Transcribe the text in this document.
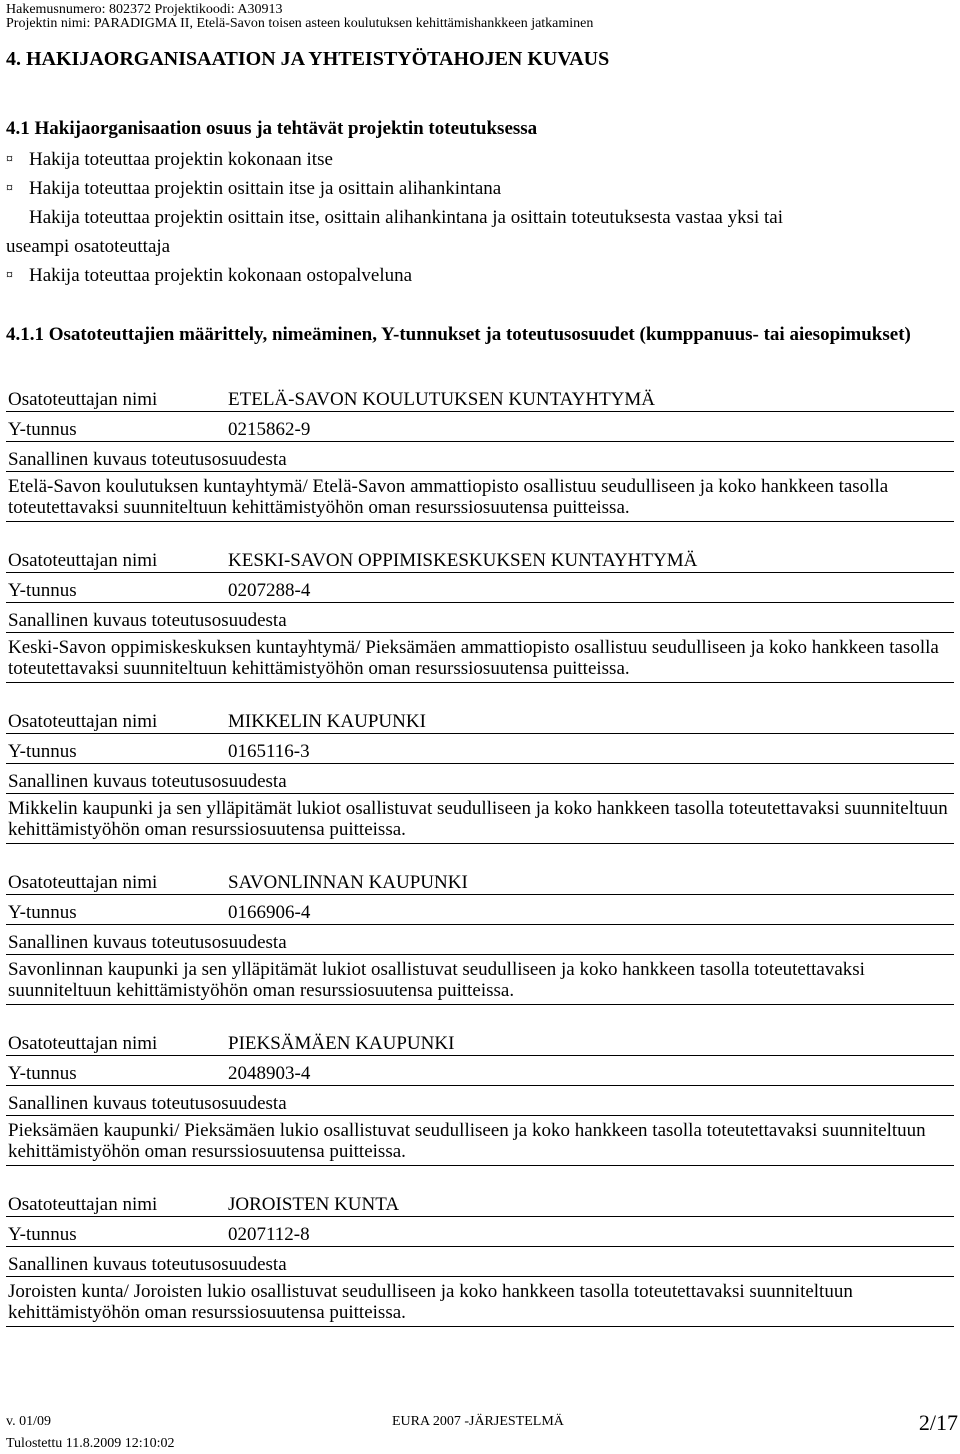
Hakemusnumero: 802372 Projektikoodi: A30913
Projektin nimi: PARADIGMA II, Etelä-Savon toisen asteen koulutuksen kehittämishankkeen jatkaminen
4. HAKIJAORGANISAATION JA YHTEISTYÖTAHOJEN KUVAUS
4.1 Hakijaorganisaation osuus ja tehtävät projektin toteutuksessa
¤ Hakija toteuttaa projektin kokonaan itse
¤ Hakija toteuttaa projektin osittain itse ja osittain alihankintana
Hakija toteuttaa projektin osittain itse, osittain alihankintana ja osittain toteutuksesta vastaa yksi tai
useampi osatoteuttaja
¤ Hakija toteuttaa projektin kokonaan ostopalveluna
4.1.1 Osatoteuttajien määrittely, nimeäminen, Y-tunnukset ja toteutusosuudet (kumppanuus- tai aiesopimukset)
Osatoteuttajan nimi	ETELÄ-SAVON KOULUTUKSEN KUNTAYHTYMÄ
Y-tunnus	0215862-9
Sanallinen kuvaus toteutusosuudesta
Etelä-Savon koulutuksen kuntayhtymä/ Etelä-Savon ammattiopisto osallistuu seudulliseen ja koko hankkeen tasolla toteutettavaksi suunniteltuun kehittämistyöhön oman resurssiosuutensa puitteissa.
Osatoteuttajan nimi	KESKI-SAVON OPPIMISKESKUKSEN KUNTAYHTYMÄ
Y-tunnus	0207288-4
Sanallinen kuvaus toteutusosuudesta
Keski-Savon oppimiskeskuksen kuntayhtymä/ Pieksämäen ammattiopisto osallistuu seudulliseen ja koko hankkeen tasolla toteutettavaksi suunniteltuun kehittämistyöhön oman resurssiosuutensa puitteissa.
Osatoteuttajan nimi	MIKKELIN KAUPUNKI
Y-tunnus	0165116-3
Sanallinen kuvaus toteutusosuudesta
Mikkelin kaupunki ja sen ylläpitämät lukiot osallistuvat seudulliseen ja koko hankkeen tasolla toteutettavaksi suunniteltuun kehittämistyöhön oman resurssiosuutensa puitteissa.
Osatoteuttajan nimi	SAVONLINNAN KAUPUNKI
Y-tunnus	0166906-4
Sanallinen kuvaus toteutusosuudesta
Savonlinnan kaupunki ja sen ylläpitämät lukiot osallistuvat seudulliseen ja koko hankkeen tasolla toteutettavaksi suunniteltuun kehittämistyöhön oman resurssiosuutensa puitteissa.
Osatoteuttajan nimi	PIEKSÄMÄEN KAUPUNKI
Y-tunnus	2048903-4
Sanallinen kuvaus toteutusosuudesta
Pieksämäen kaupunki/ Pieksämäen lukio osallistuvat seudulliseen ja koko hankkeen tasolla toteutettavaksi suunniteltuun kehittämistyöhön oman resurssiosuutensa puitteissa.
Osatoteuttajan nimi	JOROISTEN KUNTA
Y-tunnus	0207112-8
Sanallinen kuvaus toteutusosuudesta
Joroisten kunta/ Joroisten lukio osallistuvat seudulliseen ja koko hankkeen tasolla toteutettavaksi suunniteltuun kehittämistyöhön oman resurssiosuutensa puitteissa.
v. 01/09	EURA 2007 -JÄRJESTELMÄ	2/17
Tulostettu 11.8.2009 12:10:02
